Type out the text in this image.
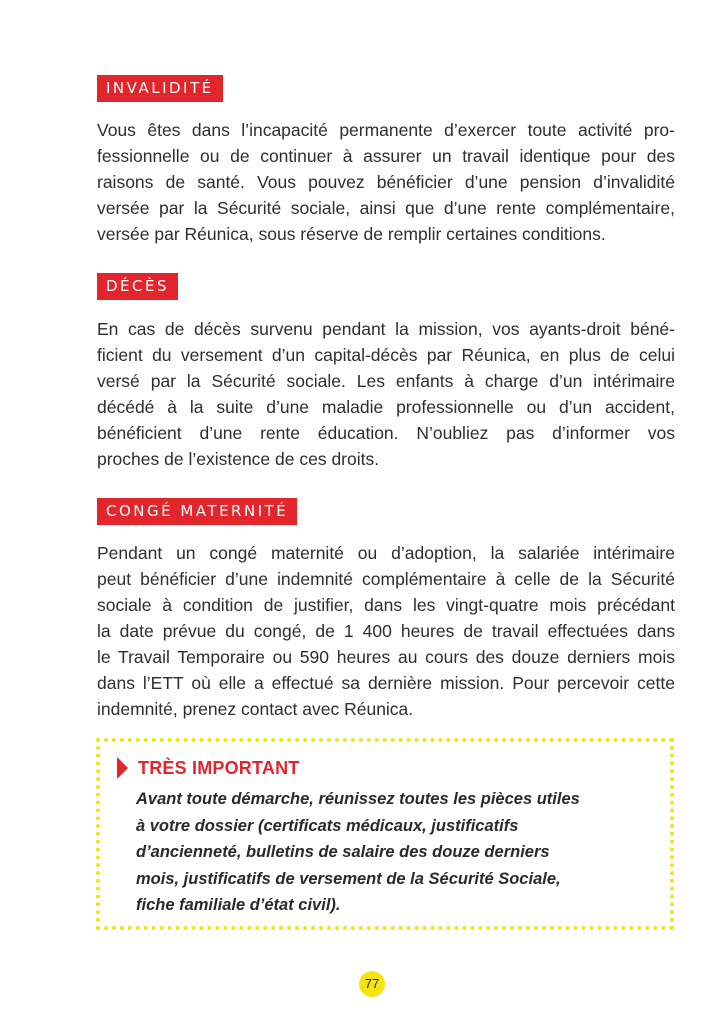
INVALIDITÉ
Vous êtes dans l’incapacité permanente d’exercer toute activité pro-
fessionnelle ou de continuer à assurer un travail identique pour des
raisons de santé. Vous pouvez bénéficier d’une pension d’invalidité
versée par la Sécurité sociale, ainsi que d’une rente complémentaire,
versée par Réunica, sous réserve de remplir certaines conditions.
DÉCÈS
En cas de décès survenu pendant la mission, vos ayants-droit béné-
ficient du versement d’un capital-décès par Réunica, en plus de celui
versé par la Sécurité sociale. Les enfants à charge d’un intérimaire
décédé à la suite d’une maladie professionnelle ou d’un accident,
bénéficient d’une rente éducation. N’oubliez pas d’informer vos
proches de l’existence de ces droits.
CONGÉ MATERNITÉ
Pendant un congé maternité ou d’adoption, la salariée intérimaire
peut bénéficier d’une indemnité complémentaire à celle de la Sécurité
sociale à condition de justifier, dans les vingt-quatre mois précédant
la date prévue du congé, de 1 400 heures de travail effectuées dans
le Travail Temporaire ou 590 heures au cours des douze derniers mois
dans l’ETT où elle a effectué sa dernière mission. Pour percevoir cette
indemnité, prenez contact avec Réunica.
TRÈS IMPORTANT
Avant toute démarche, réunissez toutes les pièces utiles
à votre dossier (certificats médicaux, justificatifs
d’ancienneté, bulletins de salaire des douze derniers
mois, justificatifs de versement de la Sécurité Sociale,
fiche familiale d’état civil).
77
